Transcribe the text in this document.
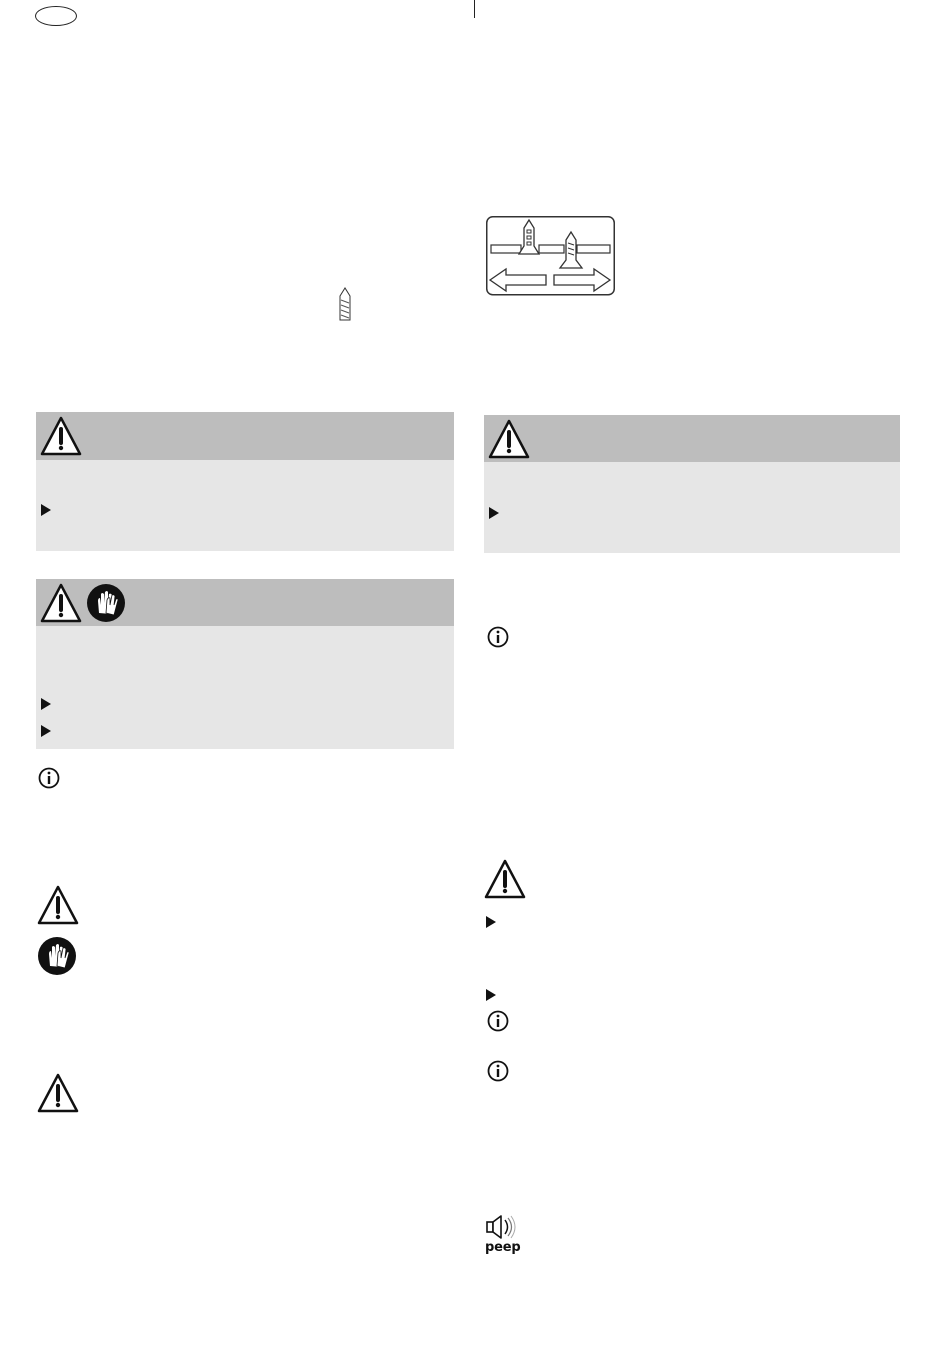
peep
